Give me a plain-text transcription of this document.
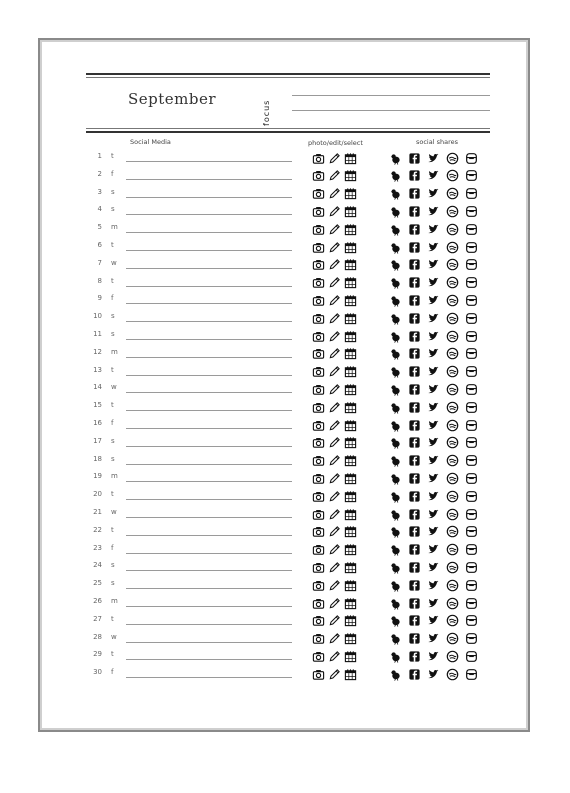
September
focus
Social Media	photo/edit/select	social shares
1 t
2 f
3 s
4 s
5 m
6 t
7 w
8 t
9 f
10 s
11 s
12 m
13 t
14 w
15 t
16 f
17 s
18 s
19 m
20 t
21 w
22 t
23 f
24 s
25 s
26 m
27 t
28 w
29 t
30 f
